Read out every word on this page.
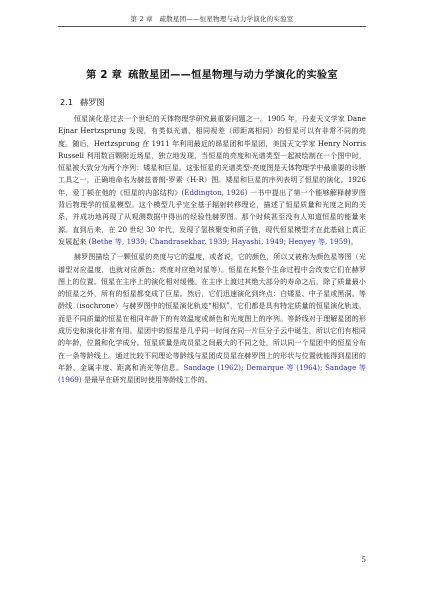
第 2 章　疏散星团——恒星物理与动力学演化的实验室
第 2 章 疏散星团——恒星物理与动力学演化的实验室
2.1 赫罗图

恒星演化是过去一个世纪的天体物理学研究最重要问题之一。1905 年，丹麦天文学家 Dane Ejnar Hertzsprung 发现，有类似光谱、相同视差（即距离相同）的恒星可以有非常不同的亮度。随后，Hertzsprung 在 1911 年利用最近的昴星团和毕星团，美国天文学家 Henry Norris Russell 利用数百颗附近场星，独立地发现，当恒星的亮度和光谱类型一起被绘制在一个图中时，恒星被大致分为两个序列：矮星和巨星。这张恒星的光谱类型-亮度图是天体物理学中最重要的诊断工具之一，正确地命名为赫兹普朗-罗素（H-R）图。矮星和巨星的序列表明了恒星的演化。1926 年，爱丁顿在他的《恒星的内部结构》(Eddington, 1926) 一书中提出了第一个能够解释赫罗图背后物理学的恒星模型。这个模型几乎完全基于辐射转移理论，描述了恒星质量和光度之间的关系，并成功地再现了从观测数据中得出的经验性赫罗图。那个时候甚至没有人知道恒星的能量来源。直到后来，在 20 世纪 30 年代，发现了氢核聚变和质子链，现代恒星模型才在此基础上真正发展起来 (Bethe 等, 1939; Chandrasekhar, 1939; Hayashi, 1949; Henyey 等, 1959)。

赫罗图描绘了一颗恒星的亮度与它的温度，或者说，它的颜色，所以又被称为颜色星等图（光谱型对应温度，也就对应颜色；亮度对应绝对星等）。恒星在其整个生命过程中会改变它们在赫罗图上的位置。恒星在主序上的演化相对缓慢。在主序上渡过其绝大部分的寿命之后，除了质量最小的恒星之外，所有的恒星都变成了巨星。然后，它们迅速演化到终点：白矮星、中子星或黑洞。等龄线（isochrone）与赫罗图中的恒星演化轨迹“相似”，它们都是具有特定质量的恒星演化轨迹，而是不同质量的恒星在相同年龄下的有效温度或颜色和光度图上的序列。等龄线对于理解星团的形成历史和演化非常有用。星团中的恒星是几乎同一时间在同一片巨分子云中诞生，所以它们有相同的年龄，位置和化学成分。恒星质量是成员星之间最大的不同之处，所以同一个星团中的恒星分布在一条等龄线上。通过比较不同理论等龄线与星团成员星在赫罗图上的形状与位置就能得到星团的年龄、金属丰度、距离和消光等信息。Sandage (1962); Demarque 等 (1964); Sandage 等 (1969) 是最早在研究星团时使用等龄线工作的。

5
